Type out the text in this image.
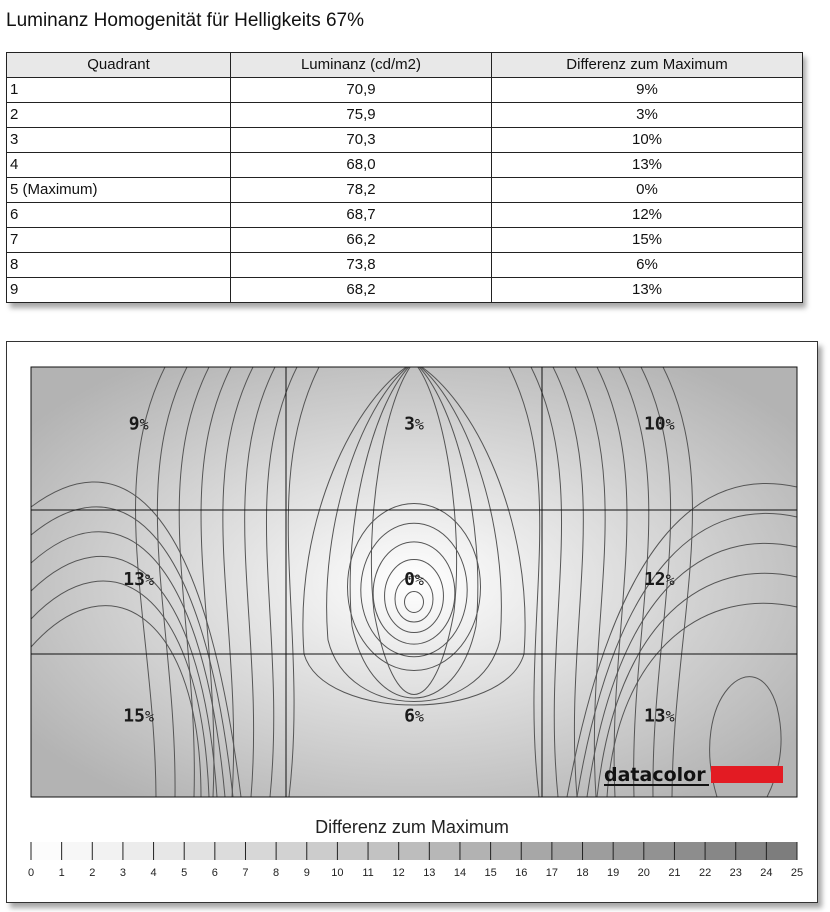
Luminanz Homogenität für Helligkeits 67%
Quadrant	Luminanz (cd/m2)	Differenz zum Maximum
1	70,9	9%
2	75,9	3%
3	70,3	10%
4	68,0	13%
5 (Maximum)	78,2	0%
6	68,7	12%
7	66,2	15%
8	73,8	6%
9	68,2	13%
9%	3%	10%
13%	0%	12%
15%	6%	13%
datacolor
0 1 2 3 4 5 6 7 8 9 10 11 12 13 14 15 16 17 18 19 20 21 22 23 24 25
Differenz zum Maximum
